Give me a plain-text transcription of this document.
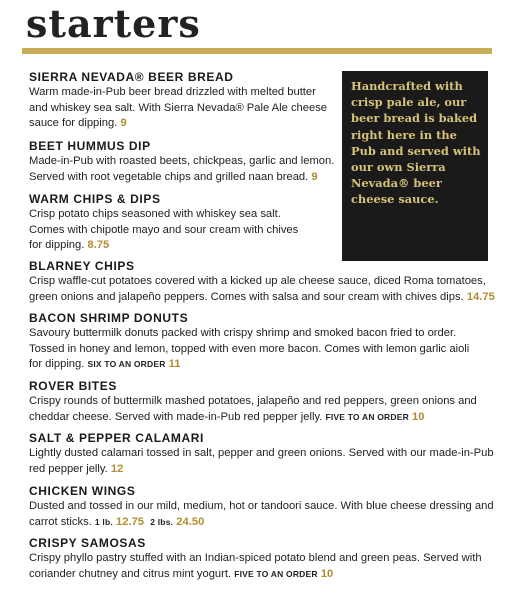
starters
SIERRA NEVADA® BEER BREAD
Warm made-in-Pub beer bread drizzled with melted butter
and whiskey sea salt. With Sierra Nevada® Pale Ale cheese
sauce for dipping. 9
BEET HUMMUS DIP
Made-in-Pub with roasted beets, chickpeas, garlic and lemon.
Served with root vegetable chips and grilled naan bread. 9
WARM CHIPS & DIPS
Crisp potato chips seasoned with whiskey sea salt.
Comes with chipotle mayo and sour cream with chives
for dipping. 8.75
BLARNEY CHIPS
Crisp waffle-cut potatoes covered with a kicked up ale cheese sauce, diced Roma tomatoes,
green onions and jalapeño peppers. Comes with salsa and sour cream with chives dips. 14.75
BACON SHRIMP DONUTS
Savoury buttermilk donuts packed with crispy shrimp and smoked bacon fried to order.
Tossed in honey and lemon, topped with even more bacon. Comes with lemon garlic aioli
for dipping. SIX TO AN ORDER 11
ROVER BITES
Crispy rounds of buttermilk mashed potatoes, jalapeño and red peppers, green onions and
cheddar cheese. Served with made-in-Pub red pepper jelly. FIVE TO AN ORDER 10
SALT & PEPPER CALAMARI
Lightly dusted calamari tossed in salt, pepper and green onions. Served with our made-in-Pub
red pepper jelly. 12
CHICKEN WINGS
Dusted and tossed in our mild, medium, hot or tandoori sauce. With blue cheese dressing and
carrot sticks. 1 lb. 12.75 2 lbs. 24.50
CRISPY SAMOSAS
Crispy phyllo pastry stuffed with an Indian-spiced potato blend and green peas. Served with
coriander chutney and citrus mint yogurt. FIVE TO AN ORDER 10
Handcrafted with crisp pale ale, our beer bread is baked right here in the Pub and served with our own Sierra Nevada® beer cheese sauce.
